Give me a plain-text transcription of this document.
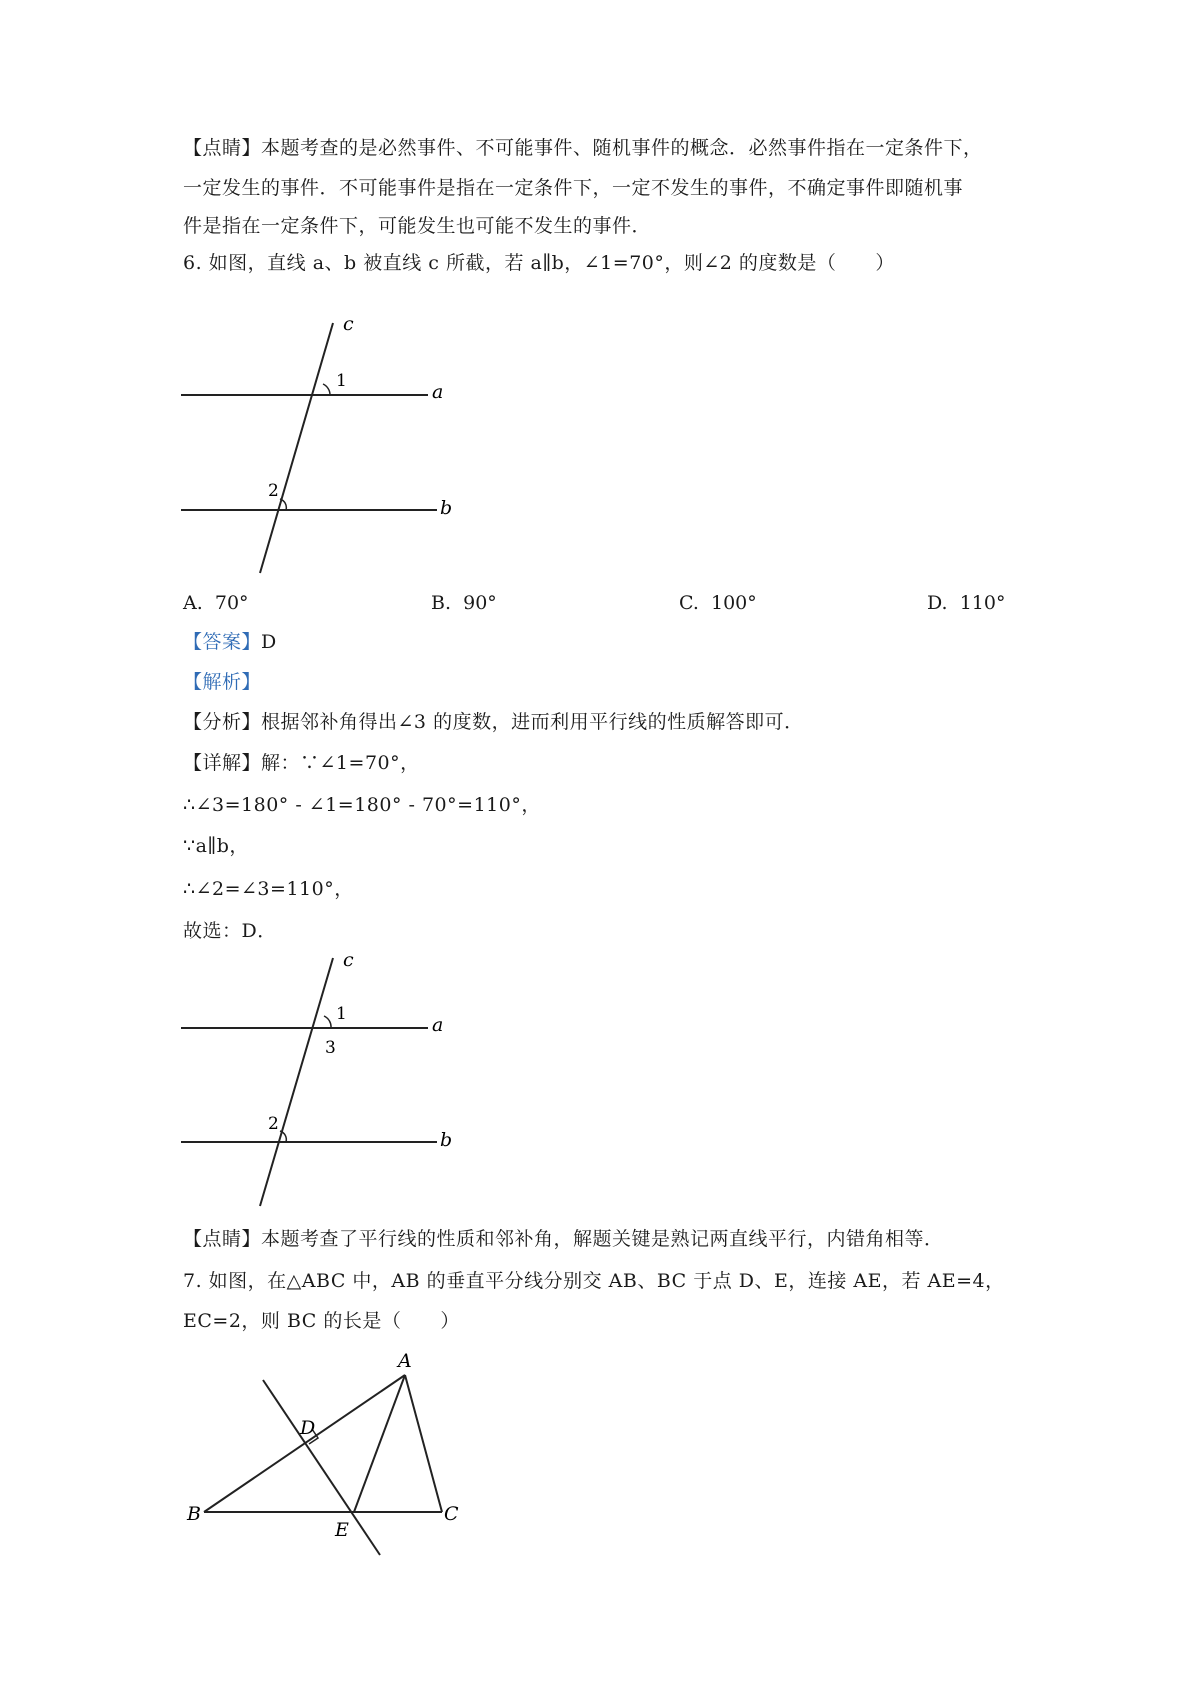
【点睛】本题考查的是必然事件、不可能事件、随机事件的概念．必然事件指在一定条件下，
一定发生的事件．不可能事件是指在一定条件下，一定不发生的事件，不确定事件即随机事
件是指在一定条件下，可能发生也可能不发生的事件．
6. 如图，直线 a、b 被直线 c 所截，若 a∥b，∠1=70°，则∠2 的度数是（　　）
c
a
b
1
2
A. 70°	B. 90°	C. 100°	D. 110°
【答案】D
【解析】
【分析】根据邻补角得出∠3 的度数，进而利用平行线的性质解答即可．
【详解】解：∵∠1=70°，
∴∠3=180° - ∠1=180° - 70°=110°，
∵a∥b，
∴∠2=∠3=110°，
故选：D．
c
a
b
1
3
2
【点睛】本题考查了平行线的性质和邻补角，解题关键是熟记两直线平行，内错角相等．
7. 如图，在△ABC 中，AB 的垂直平分线分别交 AB、BC 于点 D、E，连接 AE，若 AE=4，
EC=2，则 BC 的长是（　　）
A
B	C
D
E
